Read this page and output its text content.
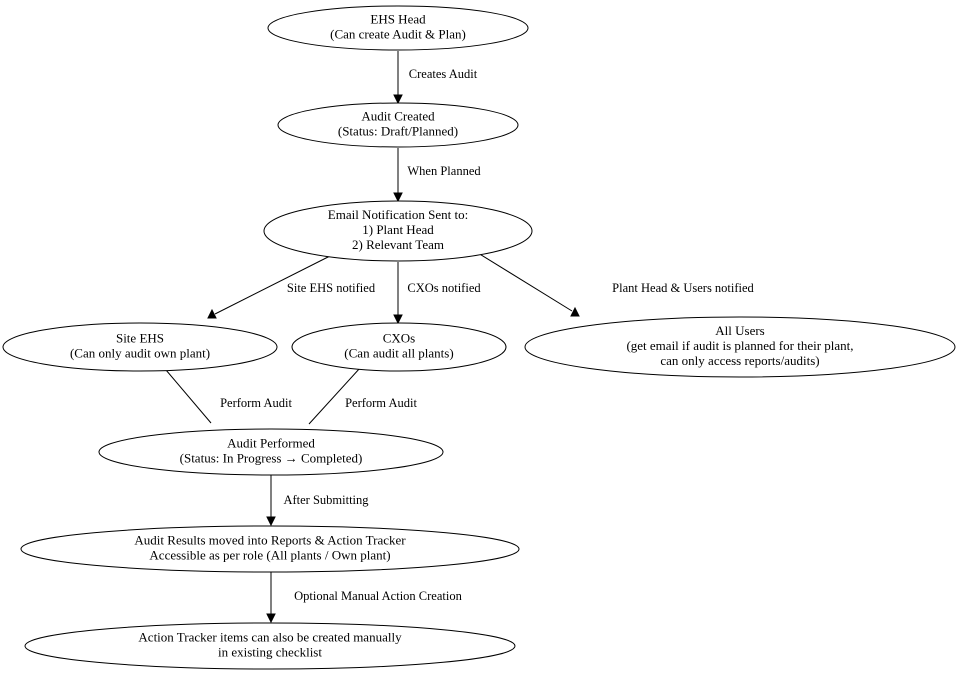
Creates Audit
When Planned
Site EHS notified	CXOs notified	Plant Head & Users notified
Perform Audit	Perform Audit
After Submitting
Optional Manual Action Creation
EHS Head
(Can create Audit & Plan)
Audit Created
(Status: Draft/Planned)
Email Notification Sent to:
1) Plant Head
2) Relevant Team
Site EHS
(Can only audit own plant)
CXOs
(Can audit all plants)
All Users
(get email if audit is planned for their plant,
can only access reports/audits)
Audit Performed
(Status: In Progress → Completed)
Audit Results moved into Reports & Action Tracker
Accessible as per role (All plants / Own plant)
Action Tracker items can also be created manually
in existing checklist
